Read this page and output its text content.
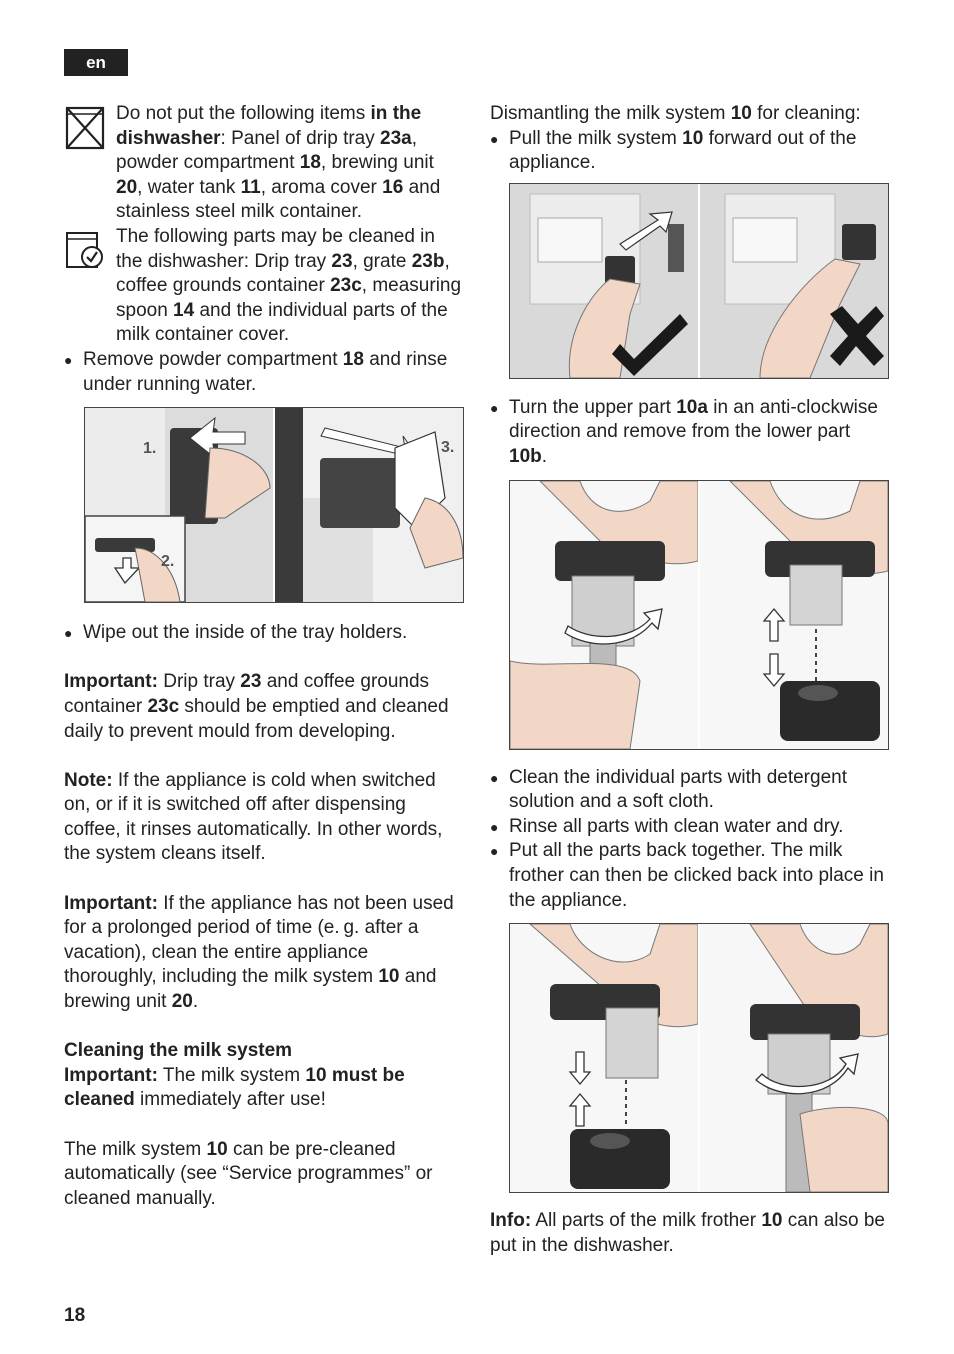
en

Do not put the following items in the dishwasher: Panel of drip tray 23a, powder compartment 18, brewing unit 20, water tank 11, aroma cover 16 and stainless steel milk container.

The following parts may be cleaned in the dishwasher: Drip tray 23, grate 23b, coffee grounds container 23c, measuring spoon 14 and the individual parts of the milk container cover.

● Remove powder compartment 18 and rinse under running water.

1.
2.
3.

● Wipe out the inside of the tray holders.

Important: Drip tray 23 and coffee grounds container 23c should be emptied and cleaned daily to prevent mould from developing.

Note: If the appliance is cold when switched on, or if it is switched off after dispensing coffee, it rinses automatically. In other words, the system cleans itself.

Important: If the appliance has not been used for a prolonged period of time (e. g. after a vacation), clean the entire appliance thoroughly, including the milk system 10 and brewing unit 20.

Cleaning the milk system

Important: The milk system 10 must be cleaned immediately after use!

The milk system 10 can be pre-cleaned automatically (see “Service programmes” or cleaned manually.

Dismantling the milk system 10 for cleaning:

● Pull the milk system 10 forward out of the appliance.

● Turn the upper part 10a in an anti-clockwise direction and remove from the lower part 10b.

● Clean the individual parts with detergent solution and a soft cloth.

● Rinse all parts with clean water and dry.

● Put all the parts back together. The milk frother can then be clicked back into place in the appliance.

Info: All parts of the milk frother 10 can also be put in the dishwasher.

18
